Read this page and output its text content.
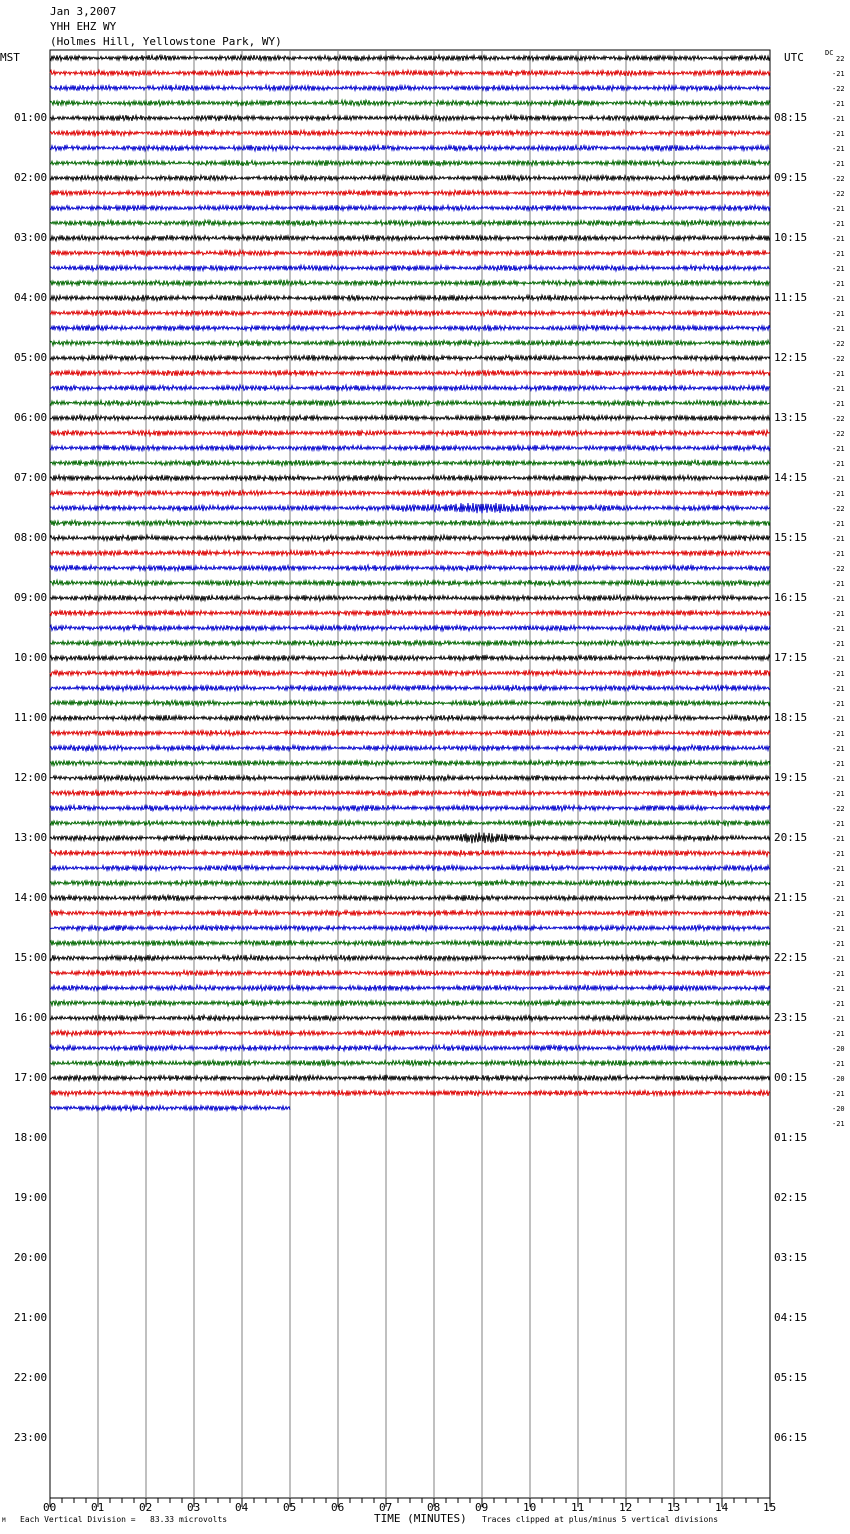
Jan 3,2007
YHH EHZ WY
(Holmes Hill, Yellowstone Park, WY)
MST	UTC	DC
01:00
02:00
03:00
04:00
05:00
06:00
07:00
08:00
09:00
10:00
11:00
12:00
13:00
14:00
15:00
16:00
17:00
18:00
19:00
20:00
21:00
22:00
23:00
08:15
09:15
10:15
11:15
12:15
13:15
14:15
15:15
16:15
17:15
18:15
19:15
20:15
21:15
22:15
23:15
00:15
01:15
02:15
03:15
04:15
05:15
06:15
22
-21
-22
-21
-21
-21
-21
-21
-22
-22
-21
-21
-21
-21
-21
-21
-21
-21
-21
-22
-22
-21
-21
-21
-22
-22
-21
-21
-21
-21
-22
-21
-21
-21
-22
-21
-21
-21
-21
-21
-21
-21
-21
-21
-21
-21
-21
-21
-21
-21
-22
-21
-21
-21
-21
-21
-21
-21
-21
-21
-21
-21
-21
-21
-21
-21
-20
-21
-20
-21
-20
-21
00	01	02	03	04	05	06	07	08	09	10	11	12	13	14	15
M Each Vertical Division =   83.33 microvolts	TIME (MINUTES) Traces clipped at plus/minus 5 vertical divisions
